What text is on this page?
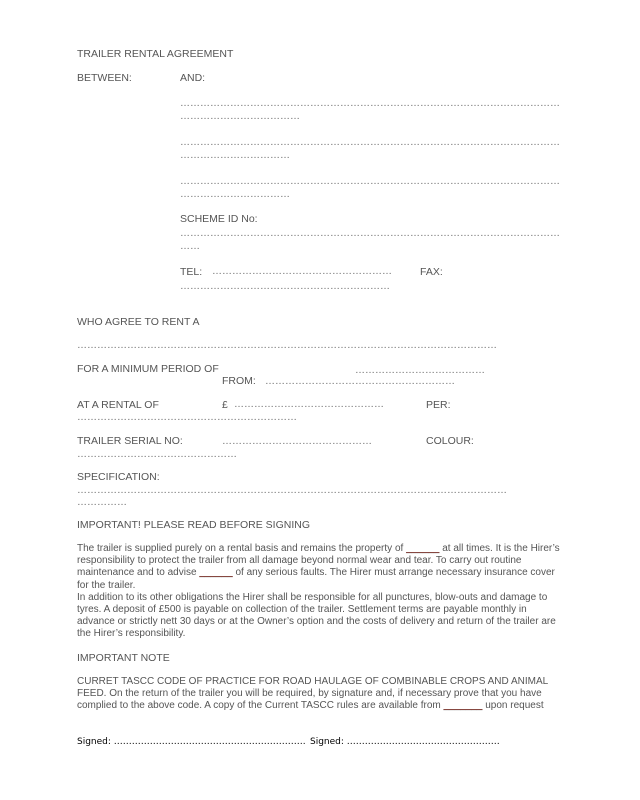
TRAILER RENTAL AGREEMENT
BETWEEN:	AND:
……………………………………………………………………………………………………
………………………………
……………………………………………………………………………………………………
……………………………
……………………………………………………………………………………………………
……………………………
SCHEME ID No:
……………………………………………………………………………………………………
……
TEL: ………………………………………………	FAX:
………………………………………………………
WHO AGREE TO RENT A
………………………………………………………………………………………………………………
FOR A MINIMUM PERIOD OF	…………………………………
FROM: …………………………………………………
AT A RENTAL OF	£ ………………………………………	PER:
…………………………………………………………
TRAILER SERIAL NO:	………………………………………	COLOUR:
…………………………………………
SPECIFICATION:
…………………………………………………………………………………………………………………
……………
IMPORTANT! PLEASE READ BEFORE SIGNING

The trailer is supplied purely on a rental basis and remains the property of ______ at all times. It is the Hirer’s responsibility to protect the trailer from all damage beyond normal wear and tear. To carry out routine maintenance and to advise ______ of any serious faults. The Hirer must arrange necessary insurance cover for the trailer.

In addition to its other obligations the Hirer shall be responsible for all punctures, blow-outs and damage to tyres. A deposit of £500 is payable on collection of the trailer. Settlement terms are payable monthly in advance or strictly nett 30 days or at the Owner’s option and the costs of delivery and return of the trailer are the Hirer’s responsibility.

IMPORTANT NOTE

CURRET TASCC CODE OF PRACTICE FOR ROAD HAULAGE OF COMBINABLE CROPS AND ANIMAL FEED. On the return of the trailer you will be required, by signature and, if necessary prove that you have complied to the above code. A copy of the Current TASCC rules are available from _______ upon request

Signed: ………………………………………………………. Signed: ……………………………………………
